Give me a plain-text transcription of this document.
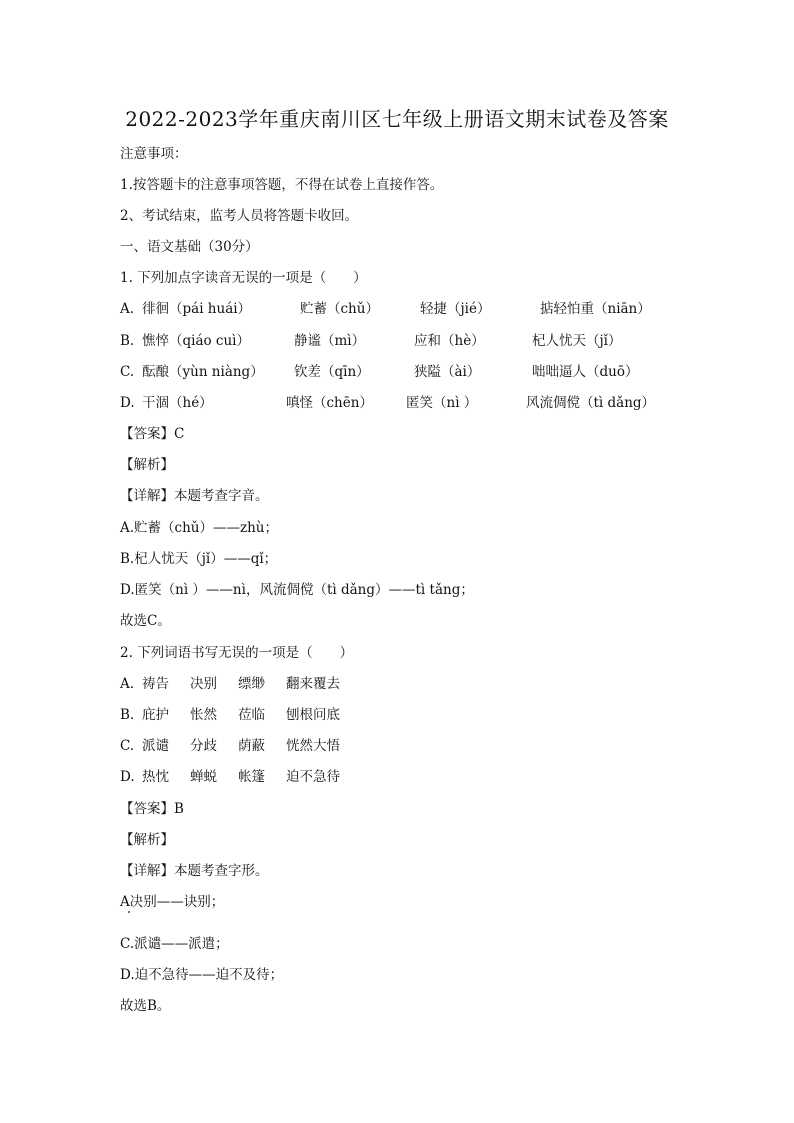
2022-2023学年重庆南川区七年级上册语文期末试卷及答案
注意事项：
1.按答题卡的注意事项答题，不得在试卷上直接作答。
2、考试结束，监考人员将答题卡收回。
一、语文基础（30分）
1. 下列加点字读音无误的一项是（　　）
A. 徘徊（pái huái）	贮蓄（chǔ）	轻捷（jié）	掂轻怕重（niān）
B. 憔悴（qiáo cuì）	静谧（mì）	应和（hè）	杞人忧天（jǐ）
C. 酝酿（yùn niàng） 钦差（qīn）	狭隘（ài）	咄咄逼人（duō）
D. 干涸（hé）	嗔怪（chēn） 匿笑（nì ）	风流倜傥（tì dǎng）
【答案】C
【解析】
【详解】本题考查字音。
A.贮蓄（chǔ）——zhù；
B.杞人忧天（jǐ）——qǐ；
D.匿笑（nì ）——nì，风流倜傥（tì dǎng）——tì tǎng；
故选C。
2. 下列词语书写无误的一项是（　　）
A. 祷告 决别 缥缈 翻来覆去
B. 庇护 怅然 莅临 刨根问底
C. 派谴 分歧 荫蔽 恍然大悟
D. 热忱 蝉蜕 帐篷 迫不急待
【答案】B
【解析】
【详解】本题考查字形。
A决别——诀别；
C.派谴——派遣；
D.迫不急待——迫不及待；
故选B。
